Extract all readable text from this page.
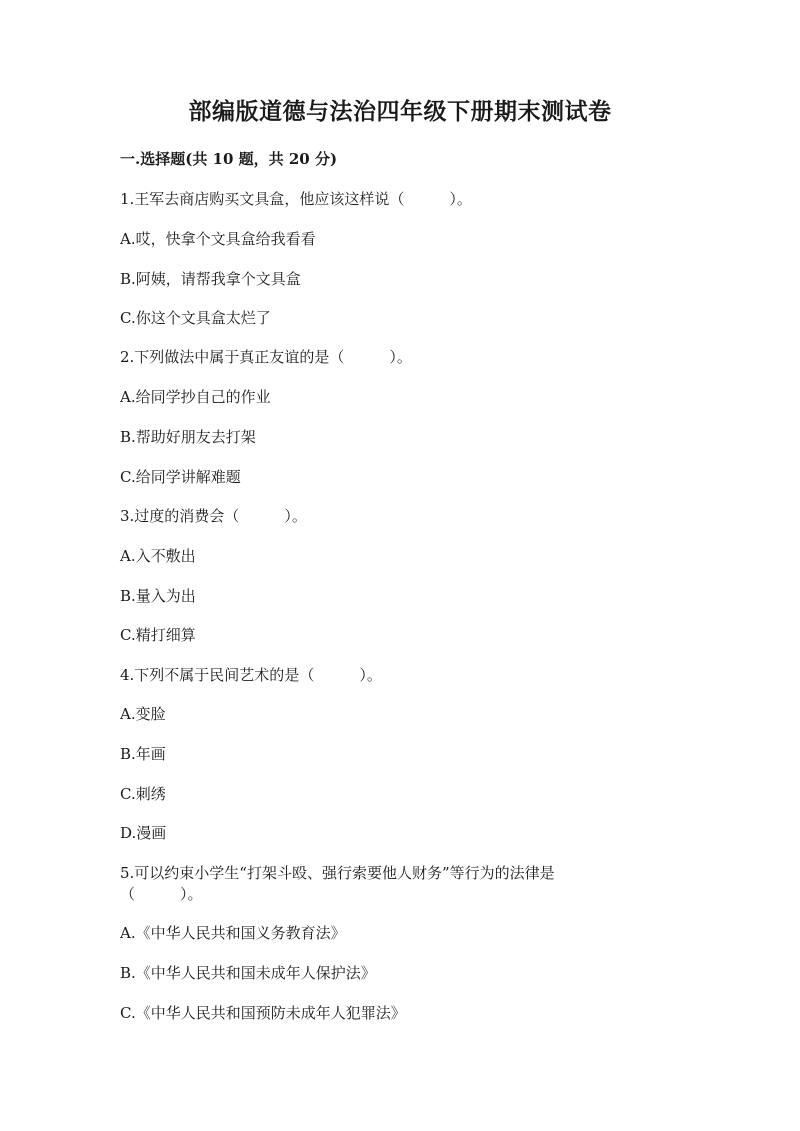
部编版道德与法治四年级下册期末测试卷
一.选择题(共 10 题，共 20 分)
1.王军去商店购买文具盒，他应该这样说（　　　）。
A.哎，快拿个文具盒给我看看
B.阿姨，请帮我拿个文具盒
C.你这个文具盒太烂了
2.下列做法中属于真正友谊的是（　　　）。
A.给同学抄自己的作业
B.帮助好朋友去打架
C.给同学讲解难题
3.过度的消费会（　　　）。
A.入不敷出
B.量入为出
C.精打细算
4.下列不属于民间艺术的是（　　　）。
A.变脸
B.年画
C.刺绣
D.漫画
5.可以约束小学生“打架斗殴、强行索要他人财务”等行为的法律是
（　　　）。
A.《中华人民共和国义务教育法》
B.《中华人民共和国未成年人保护法》
C.《中华人民共和国预防未成年人犯罪法》
